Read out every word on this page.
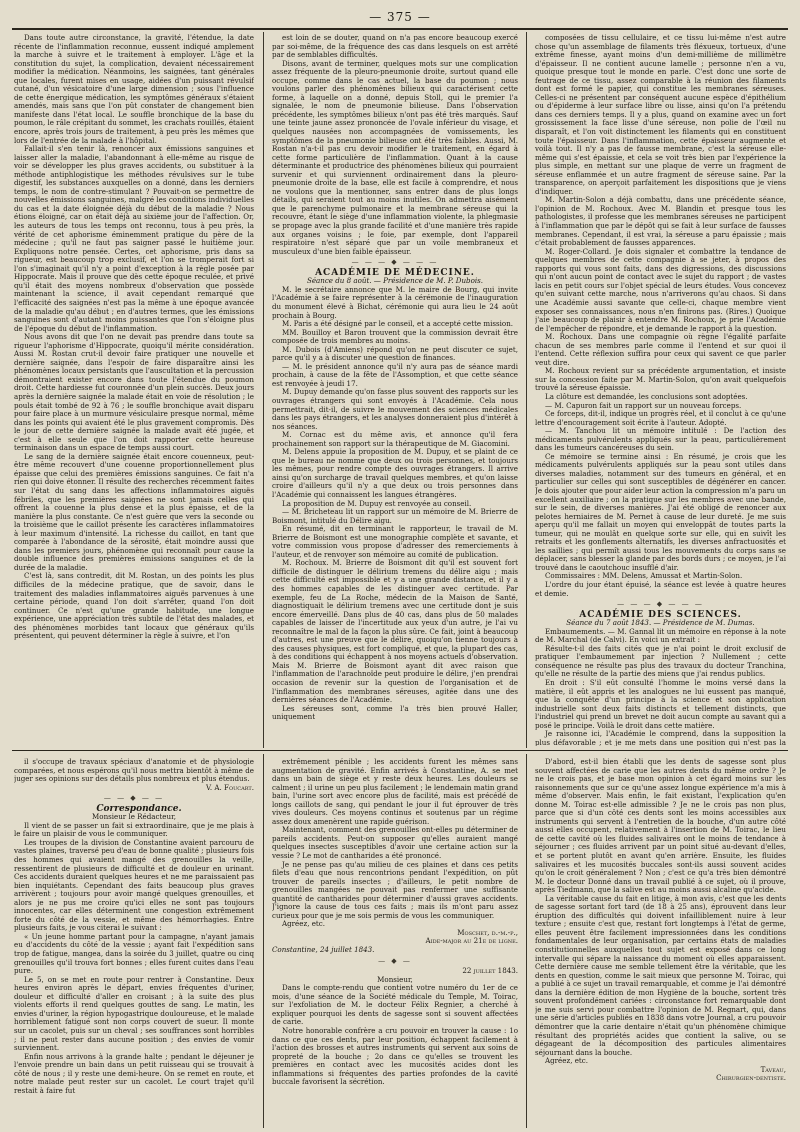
— 375 —

Dans toute autre circonstance, la gravité, l'étendue, la date récente de l'inflammation reconnue, eussent indiqué amplement la marche à suivre et le traitement à employer. L'âge et la constitution du sujet, la complication, devaient nécessairement modifier la médication. Néanmoins, les saignées, tant générales que locales, furent mises en usage, aidées d'un puissant révulsif cutané, d'un vésicatoire d'une large dimension ; sous l'influence de cette énergique médication, les symptômes généraux s'étaient amendés, mais sans que l'on pût constater de changement bien manifeste dans l'état local. Le souffle bronchique de la base du poumon, le râle crépitant du sommet, les crachats rouillés, étaient encore, après trois jours de traitement, à peu près les mêmes que lors de l'entrée de la malade à l'hôpital.

Fallait-il s'en tenir là, renoncer aux émissions sanguines et laisser aller la maladie, l'abandonnant à elle-même au risque de voir se développer les plus graves accidents, ou substituer à la méthode antiphlogistique les méthodes révulsives sur le tube digestif, les substances auxquelles on a donné, dans les derniers temps, le nom de contre-stimulant ? Pouvait-on se permettre de nouvelles émissions sanguines, malgré les conditions individuelles du cas et la date éloignée déjà du début de la maladie ? Nous étions éloigné, car on était déjà au sixième jour de l'affection. Or, les auteurs de tous les temps ont reconnu, tous à peu près, la vérité de cet aphorisme éminemment pratique du père de la médecine ; qu'il ne faut pas saigner passé le huitième jour. Expliquons notre pensée. Certes, cet aphorisme, pris dans sa rigueur, est beaucoup trop exclusif, et l'on se tromperait fort si l'on s'imaginait qu'il n'y a point d'exception à la règle posée par Hippocrate. Mais il prouve que dès cette époque reculée, et privé qu'il était des moyens nombreux d'observation que possède maintenant la science, il avait cependant remarqué que l'efficacité des saignées n'est pas la même à une époque avancée de la maladie qu'au début ; en d'autres termes, que les émissions sanguines sont d'autant moins puissantes que l'on s'éloigne plus de l'époque du début de l'inflammation.

Nous avons dit que l'on ne devait pas prendre dans toute sa rigueur l'aphorisme d'Hippocrate, quoiqu'il mérite considération. Aussi M. Rostan crut-il devoir faire pratiquer une nouvelle et dernière saignée, dans l'espoir de faire disparaître ainsi les phénomènes locaux persistants que l'auscultation et la percussion démontraient exister encore dans toute l'étendue du poumon droit. Cette hardiesse fut couronnée d'un plein succès. Deux jours après la dernière saignée la malade était en voie de résolution ; le pouls était tombé de 92 à 76 ; le souffle bronchique avait disparu pour faire place à un murmure vésiculaire presque normal, même dans les points qui avaient été le plus gravement compromis. Dès le jour de cette dernière saignée la malade avait été jugée, et c'est à elle seule que l'on doit rapporter cette heureuse terminaison dans un espace de temps aussi court.

Le sang de la dernière saignée était encore couenneux, peut-être même recouvert d'une couenne proportionnellement plus épaisse que celui des premières émissions sanguines. Ce fait n'a rien qui doive étonner. Il résulte des recherches récemment faites sur l'état du sang dans les affections inflammatoires aiguës fébriles, que les premières saignées ne sont jamais celles qui offrent la couenne la plus dense et la plus épaisse, et de la manière la plus constante. Ce n'est guère que vers la seconde ou la troisième que le caillot présente les caractères inflammatoires à leur maximum d'intensité. La richesse du caillot, en tant que comparée à l'abondance de la sérosité, était moindre aussi que dans les premiers jours, phénomène qui reconnaît pour cause la double influence des premières émissions sanguines et de la durée de la maladie.

C'est là, sans contredit, dit M. Rostan, un des points les plus difficiles de la médecine pratique, que de savoir, dans le traitement des maladies inflammatoires aiguës parvenues à une certaine période, quand l'on doit s'arrêter, quand l'on doit continuer. Ce n'est qu'une grande habitude, une longue expérience, une appréciation très subtile de l'état des malades, et des phénomènes morbides tant locaux que généraux qu'ils présentent, qui peuvent déterminer la règle à suivre, et l'on

est loin de se douter, quand on n'a pas encore beaucoup exercé par soi-même, de la fréquence des cas dans lesquels on est arrêté par de semblables difficultés.

Disons, avant de terminer, quelques mots sur une complication assez fréquente de la pleuro-pneumonie droite, surtout quand elle occupe, comme dans le cas actuel, la base du poumon ; nous voulons parler des phénomènes bilieux qui caractérisent cette forme, à laquelle on a donné, depuis Stoll, qui le premier l'a signalée, le nom de pneumonie bilieuse. Dans l'observation précédente, les symptômes bilieux n'ont pas été très marqués. Sauf une teinte jaune assez prononcée de l'ovale inférieur du visage, et quelques nausées non accompagnées de vomissements, les symptômes de la pneumonie bilieuse ont été très faibles. Aussi, M. Rostan n'a-t-il pas cru devoir modifier le traitement, en égard à cette forme particulière de l'inflammation. Quant à la cause déterminante et productrice des phénomènes bilieux qui pourraient survenir et qui surviennent ordinairement dans la pleuro-pneumonie droite de la base, elle est facile à comprendre, et nous ne voulons que la mentionner, sans entrer dans de plus longs détails, qui seraient tout au moins inutiles. On admettra aisément que le parenchyme pulmonaire et la membrane séreuse qui la recouvre, étant le siège d'une inflammation violente, la phlegmasie se propage avec la plus grande facilité et d'une manière très rapide aux organes voisins ; le foie, par exemple, dont l'appareil respiratoire n'est séparé que par un voile membraneux et musculeux d'une bien faible épaisseur.

— — — ◆ — — —

ACADÉMIE DE MÉDECINE.

Séance du 8 août. — Présidence de M. P. Dubois.

M. le secrétaire annonce que M. le maire de Bourg, qui invite l'Académie à se faire représenter à la cérémonie de l'inauguration du monument élevé à Bichat, cérémonie qui aura lieu le 24 août prochain à Bourg.

M. Paris a été désigné par le conseil, et a accepté cette mission.

MM. Bouilloy et Baron trouvent que la commission devrait être composée de trois membres au moins.

M. Dubois (d'Amiens) répond qu'on ne peut discuter ce sujet, parce qu'il y a à discuter une question de finances.

— M. le président annonce qu'il n'y aura pas de séance mardi prochain, à cause de la fête de l'Assomption, et que cette séance est renvoyée à jeudi 17.

M. Dupuy demande qu'on fasse plus souvent des rapports sur les ouvrages étrangers qui sont envoyés à l'Académie. Cela nous permettrait, dit-il, de suivre le mouvement des sciences médicales dans les pays étrangers, et les analyses donneraient plus d'intérêt à nos séances.

M. Cornac est du même avis, et annonce qu'il fera prochainement son rapport sur la thérapeutique de M. Giacomini.

M. Delens appuie la proposition de M. Dupuy, et se plaint de ce que le bureau ne nomme que deux ou trois personnes, et toujours les mêmes, pour rendre compte des ouvrages étrangers. Il arrive ainsi qu'on surcharge de travail quelques membres, et qu'on laisse croire d'ailleurs qu'il n'y a que deux ou trois personnes dans l'Académie qui connaissent les langues étrangères.

La proposition de M. Dupuy est renvoyée au conseil.

— M. Bricheteau lit un rapport sur un mémoire de M. Brierre de Boismont, intitulé du Délire aigu.

En résumé, dit en terminant le rapporteur, le travail de M. Brierre de Boismont est une monographie complète et savante, et votre commission vous propose d'adresser des remerciements à l'auteur, et de renvoyer son mémoire au comité de publication.

M. Rochoux. M. Brierre de Boismont dit qu'il est souvent fort difficile de distinguer le délirium tremens du délire aigu ; mais cette difficulté est impossible et y a une grande distance, et il y a des hommes capables de les distinguer avec certitude. Par exemple, feu de La Roche, médecin de la Maison de Santé, diagnostiquait le délirium tremens avec une certitude dont je suis encore émerveillé. Dans plus de 40 cas, dans plus de 50 malades capables de laisser de l'incertitude aux yeux d'un autre, je l'ai vu reconnaître le mal de la façon la plus sûre. Ce fait, joint à beaucoup d'autres, est une preuve que le délire, quoiqu'on tienne toujours à des causes physiques, est fort compliqué, et que, la plupart des cas, à des conditions qui échappent à nos moyens actuels d'observation. Mais M. Brierre de Boismont ayant dit avec raison que l'inflammation de l'arachnoïde peut produire le délire, j'en prendrai occasion de revenir sur la question de l'organisation et de l'inflammation des membranes séreuses, agitée dans une des dernières séances de l'Académie.

Les séreuses sont, comme l'a très bien prouvé Haller, uniquement

composées de tissu cellulaire, et ce tissu lui-même n'est autre chose qu'un assemblage de filaments très fléxueux, tortueux, d'une extrême finesse, ayant moins d'un demi-millième de millimètre d'épaisseur. Il ne contient aucune lamelle ; personne n'en a vu, quoique presque tout le monde en parle. C'est donc une sorte de feutrage de ce tissu, assez comparable à la réunion des filaments dont est formé le papier, qui constitue les membranes séreuses. Celles-ci ne présentent par conséquent aucune espèce d'épithélium ou d'épiderme à leur surface libre ou lisse, ainsi qu'on l'a prétendu dans ces derniers temps. Il y a plus, quand on examine avec un fort grossissement la face lisse d'une séreuse, non polie de l'œil nu disparaît, et l'on voit distinctement les filaments qui en constituent toute l'épaisseur. Dans l'inflammation, cette épaisseur augmente et voilà tout. Il n'y a pas de fausse membrane, c'est la séreuse elle-même qui s'est épaissie, et cela se voit très bien par l'expérience la plus simple, en mettant sur une plaque de verre un fragment de séreuse enflammée et un autre fragment de séreuse saine. Par la transparence, on aperçoit parfaitement les dispositions que je viens d'indiquer.

M. Martin-Solon a déjà combattu, dans une précédente séance, l'opinion de M. Rochoux. Avec M. Blandin et presque tous les pathologistes, il professe que les membranes séreuses ne participent à l'inflammation que par le dépôt qui se fait à leur surface de fausses membranes. Cependant, il est vrai, la séreuse a paru épaissie ; mais c'était probablement de fausses apparences.

M. Roger-Collard. Je dois signaler et combattre la tendance de quelques membres de cette compagnie à se jeter, à propos des rapports qui vous sont faits, dans des digressions, des discussions qui n'ont aucun point de contact avec le sujet du rapport ; de vastes lacis en petit cours sur l'objet spécial de leurs études. Vous concevez qu'en suivant cette marche, nous n'arriverons qu'au chaos. Si dans une Académie aussi savante que celle-ci, chaque membre vient exposer ses connaissances, nous n'en finirons pas. (Rires.) Quoique j'aie beaucoup de plaisir à entendre M. Rochoux, je prie l'Académie de l'empêcher de répondre, et je demande le rapport à la question.

M. Rochoux. Dans une compagnie où règne l'égalité parfaite chacun de ses membres parle comme il l'entend et sur quoi il l'entend. Cette réflexion suffira pour ceux qui savent ce que parler veut dire.

M. Rochoux revient sur sa précédente argumentation, et insiste sur la concession faite par M. Martin-Solon, qu'on avait quelquefois trouvé la séreuse épaissie.

La clôture est demandée, les conclusions sont adoptées.

— M. Capuron fait un rapport sur un nouveau forceps.

Ce forceps, dit-il, indique un progrès réel, et il conclut à ce qu'une lettre d'encouragement soit écrite à l'auteur. Adopté.

— M. Tanchou lit un mémoire intitulé : De l'action des médicaments pulvérulents appliqués sur la peau, particulièrement dans les tumeurs cancéreuses du sein.

Ce mémoire se termine ainsi : En résumé, je crois que les médicaments pulvérulents appliqués sur la peau sont utiles dans diverses maladies, notamment sur des tumeurs en général, et en particulier sur celles qui sont susceptibles de dégénérer en cancer. Je dois ajouter que pour aider leur action la compression m'a paru un excellent auxiliaire ; on la pratique sur les membres avec une bande, sur le sein, de diverses manières. J'ai été obligé de renoncer aux pelotes herniaires de M. Pernet à cause de leur dureté. Je me suis aperçu qu'il me fallait un moyen qui enveloppât de toutes parts la tumeur, qui ne moulât en quelque sorte sur elle, qui en suivît les retraits et les gonflements alternatifs, les diverses anfractuosités et les saillies ; qui permît aussi tous les mouvements du corps sans se déplacer, sans blesser la glande par des bords durs ; ce moyen, je l'ai trouvé dans le caoutchouc insufflé d'air.

Commissaires : MM. Delens, Amussat et Martin-Solon.

L'ordre du jour étant épuisé, la séance est levée à quatre heures et demie.

— — — ◆ — — —

ACADÉMIE DES SCIENCES.

Séance du 7 août 1843. — Présidence de M. Dumas.

Embaumements. — M. Gannal lit un mémoire en réponse à la note de M. Marchal (de Calvi). En voici un extrait :

Résulte-t-il des faits cités que je n'ai point le droit exclusif de pratiquer l'embaumement par injection ? Nullement ; cette conséquence ne résulte pas plus des travaux du docteur Tranchina, qu'elle ne résulte de la partie des miens que j'ai rendus publics.

En droit : S'il eût consulté l'homme le moins versé dans la matière, il eût appris et les analogues ne lui eussent pas manqué, que la conquête d'un principe à la science et son application industrielle sont deux faits distincts et tellement distincts, que l'industriel qui prend un brevet ne doit aucun compte au savant qui a posé le principe. Voilà le droit dans cette matière.

Je raisonne ici, l'Académie le comprend, dans la supposition la plus défavorable ; et je me mets dans une position qui n'est pas la

il s'occupe de travaux spéciaux d'anatomie et de physiologie comparées, et nous espérons qu'il nous mettra bientôt à même de juger ses opinions sur des détails plus nombreux et plus étendus.

V. A. Foucart.

— — ◆ — —

Correspondance.

Monsieur le Rédacteur,

Il vient de se passer un fait si extraordinaire, que je me plais à le faire un plaisir de vous le communiquer.

Les troupes de la division de Constantine avaient parcouru de vastes plaines, traversé peu d'eau de bonne qualité ; plusieurs fois des hommes qui avaient mangé des grenouilles la veille, ressentirent de plusieurs de difficulté et de douleur en urinant. Ces accidents duraient quelques heures et ne me paraissaient pas bien inquiétants. Cependant des faits beaucoup plus graves arrivèrent ; toujours pour avoir mangé quelques grenouilles, et alors je ne pus me croire qu'ici elles ne sont pas toujours innocentes, car elles déterminent une congestion extrêmement forte du côté de la vessie, et même des hémorrhagies. Entre plusieurs faits, je vous citerai le suivant :

« Un jeune homme partant pour la campagne, n'ayant jamais eu d'accidents du côté de la vessie ; ayant fait l'expédition sans trop de fatigue, mangea, dans la soirée du 3 juillet, quatre ou cinq grenouilles qu'il trouva fort bonnes ; elles furent cuites dans l'eau pure.

Le 5, on se met en route pour rentrer à Constantine. Deux heures environ après le départ, envies fréquentes d'uriner, douleur et difficulté d'aller en croisant ; à la suite des plus violents efforts il rend quelques gouttes de sang. Le matin, les envies d'uriner, la région hypogastrique douloureuse, et le malade horriblement fatigué sont non corps couvert de sueur. Il monte sur un cacolet, puis sur un cheval ; ses souffrances sont horribles ; il ne peut rester dans aucune position ; des envies de vomir surviennent.

Enfin nous arrivons à la grande halte ; pendant le déjeuner je l'envoie prendre un bain dans un petit ruisseau qui se trouvait à côté de nous ; il y reste une demi-heure. On se remet en route, et notre malade peut rester sur un cacolet. Le court trajet qu'il restait à faire fut

extrêmement pénible ; les accidents furent les mêmes sans augmentation de gravité. Enfin arrivés à Constantine, A. se met dans un bain de siège et y reste deux heures. Les douleurs se calment ; il urine un peu plus facilement ; le lendemain matin grand bain, l'urine sort avec encore plus de facilité, mais est précédé de longs caillots de sang, qui pendant le jour il fut éprouver de très vives douleurs. Ces moyens continus et soutenus par un régime assez doux amenèrent une rapide guérison.

Maintenant, comment des grenouilles ont-elles pu déterminer de pareils accidents. Peut-on supposer qu'elles auraient mangé quelques insectes susceptibles d'avoir une certaine action sur la vessie ? Le mot de cantharides a été prononcé.

Je ne pense pas qu'au milieu de ces plaines et dans ces petits filets d'eau que nous rencontrions pendant l'expédition, on pût trouver de pareils insectes ; d'ailleurs, le petit nombre de grenouilles mangées ne pouvait pas renfermer une suffisante quantité de cantharides pour déterminer d'aussi graves accidents. J'ignore la cause de tous ces faits ; mais ils m'ont paru assez curieux pour que je me sois permis de vous les communiquer.

Agréez, etc.

Moschet, d.-m.-p.,

Aide-major au 21e de ligne.

Constantine, 24 juillet 1843.

— ◆ —

22 juillet 1843.

Monsieur,

Dans le compte-rendu que contient votre numéro du 1er de ce mois, d'une séance de la Société médicale du Temple, M. Toirac, sur l'exfoliation de M. le docteur Félix Regnier, a cherché à expliquer pourquoi les dents de sagesse sont si souvent affectées de carie.

Notre honorable confrère a cru pouvoir en trouver la cause : 1o dans ce que ces dents, par leur position, échappent facilement à l'action des brosses et autres instruments qui servent aux soins de propreté de la bouche ; 2o dans ce qu'elles se trouvent les premières en contact avec les mucosités acides dont les inflammations si fréquentes des parties profondes de la cavité buccale favorisent la sécrétion.

D'abord, est-il bien établi que les dents de sagesse sont plus souvent affectées de carie que les autres dents du même ordre ? Je ne le crois pas, et je base mon opinion à cet égard moins sur les raisonnements que sur ce qu'une assez longue expérience m'a mis à même d'observer. Mais enfin, le fait existant, l'explication qu'en donne M. Toirac est-elle admissible ? Je ne le crois pas non plus, parce que si d'un côté ces dents sont les moins accessibles aux instruments qui servent à l'entretien de la bouche, d'un autre côté aussi elles occupent, relativement à l'insertion de M. Toirac, le lieu de cette cavité où les fluides salivaires ont le moins de tendance à séjourner ; ces fluides arrivent par un point situé au-devant d'elles, et se portent plutôt en avant qu'en arrière. Ensuite, les fluides salivaires et les mucosités buccales sont-ils aussi souvent acides qu'on le croit généralement ? Non ; c'est ce qu'a très bien démontré M. le docteur Donné dans un travail publié à ce sujet, où il prouve, après Tiedmann, que la salive est au moins aussi alcaline qu'acide.

La véritable cause du fait en litige, à mon avis, c'est que les dents de sagesse sortant fort tard (de 18 à 25 ans), éprouvent dans leur éruption des difficultés qui doivent infailliblement nuire à leur texture ; ensuite c'est que, restant fort longtemps à l'état de germe, elles peuvent être facilement impressionnées dans les conditions fondamentales de leur organisation, par certains états de maladies constitutionnelles auxquelles tout sujet est exposé dans ce long intervalle qui sépare la naissance du moment où elles apparaissent. Cette dernière cause me semble tellement être la véritable, que les dents en question, comme le sait mieux que personne M. Toirac, qui a publié à ce sujet un travail remarquable, et comme je l'ai démontré dans la dernière édition de mon Hygiène de la bouche, sortent très souvent profondément cariées : circonstance fort remarquable dont je me suis servi pour combattre l'opinion de M. Regnart, qui, dans une série d'articles publiés en 1838 dans votre Journal, a cru pouvoir démontrer que la carie dentaire n'était qu'un phénomène chimique résultant des propriétés acides que contient la salive, ou se dégageant de la décomposition des particules alimentaires séjournant dans la bouche.

Agréez, etc.

Taveau,

Chirurgien-dentiste.
